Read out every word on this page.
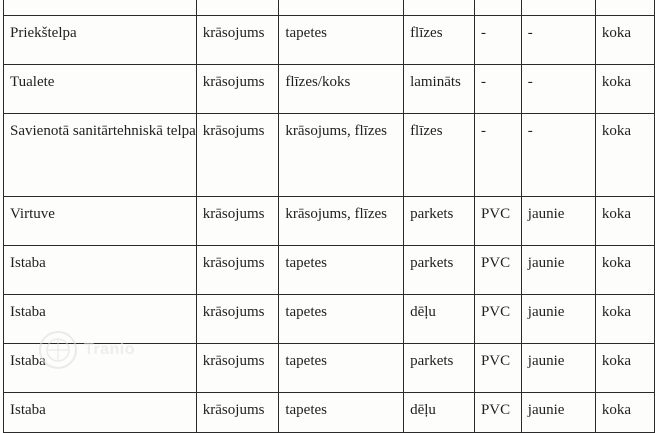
Priekštelpa	krāsojums	tapetes	flīzes	-	-	koka
Tualete	krāsojums	flīzes/koks	lamināts	-	-	koka
Savienotā sanitārtehniskā telpa	krāsojums	krāsojums, flīzes	flīzes	-	-	koka
Virtuve	krāsojums	krāsojums, flīzes	parkets	PVC	jaunie	koka
Istaba	krāsojums	tapetes	parkets	PVC	jaunie	koka
Istaba	krāsojums	tapetes	dēļu	PVC	jaunie	koka
Istaba	krāsojums	tapetes	parkets	PVC	jaunie	koka
Istaba	krāsojums	tapetes	dēļu	PVC	jaunie	koka
Tranio
